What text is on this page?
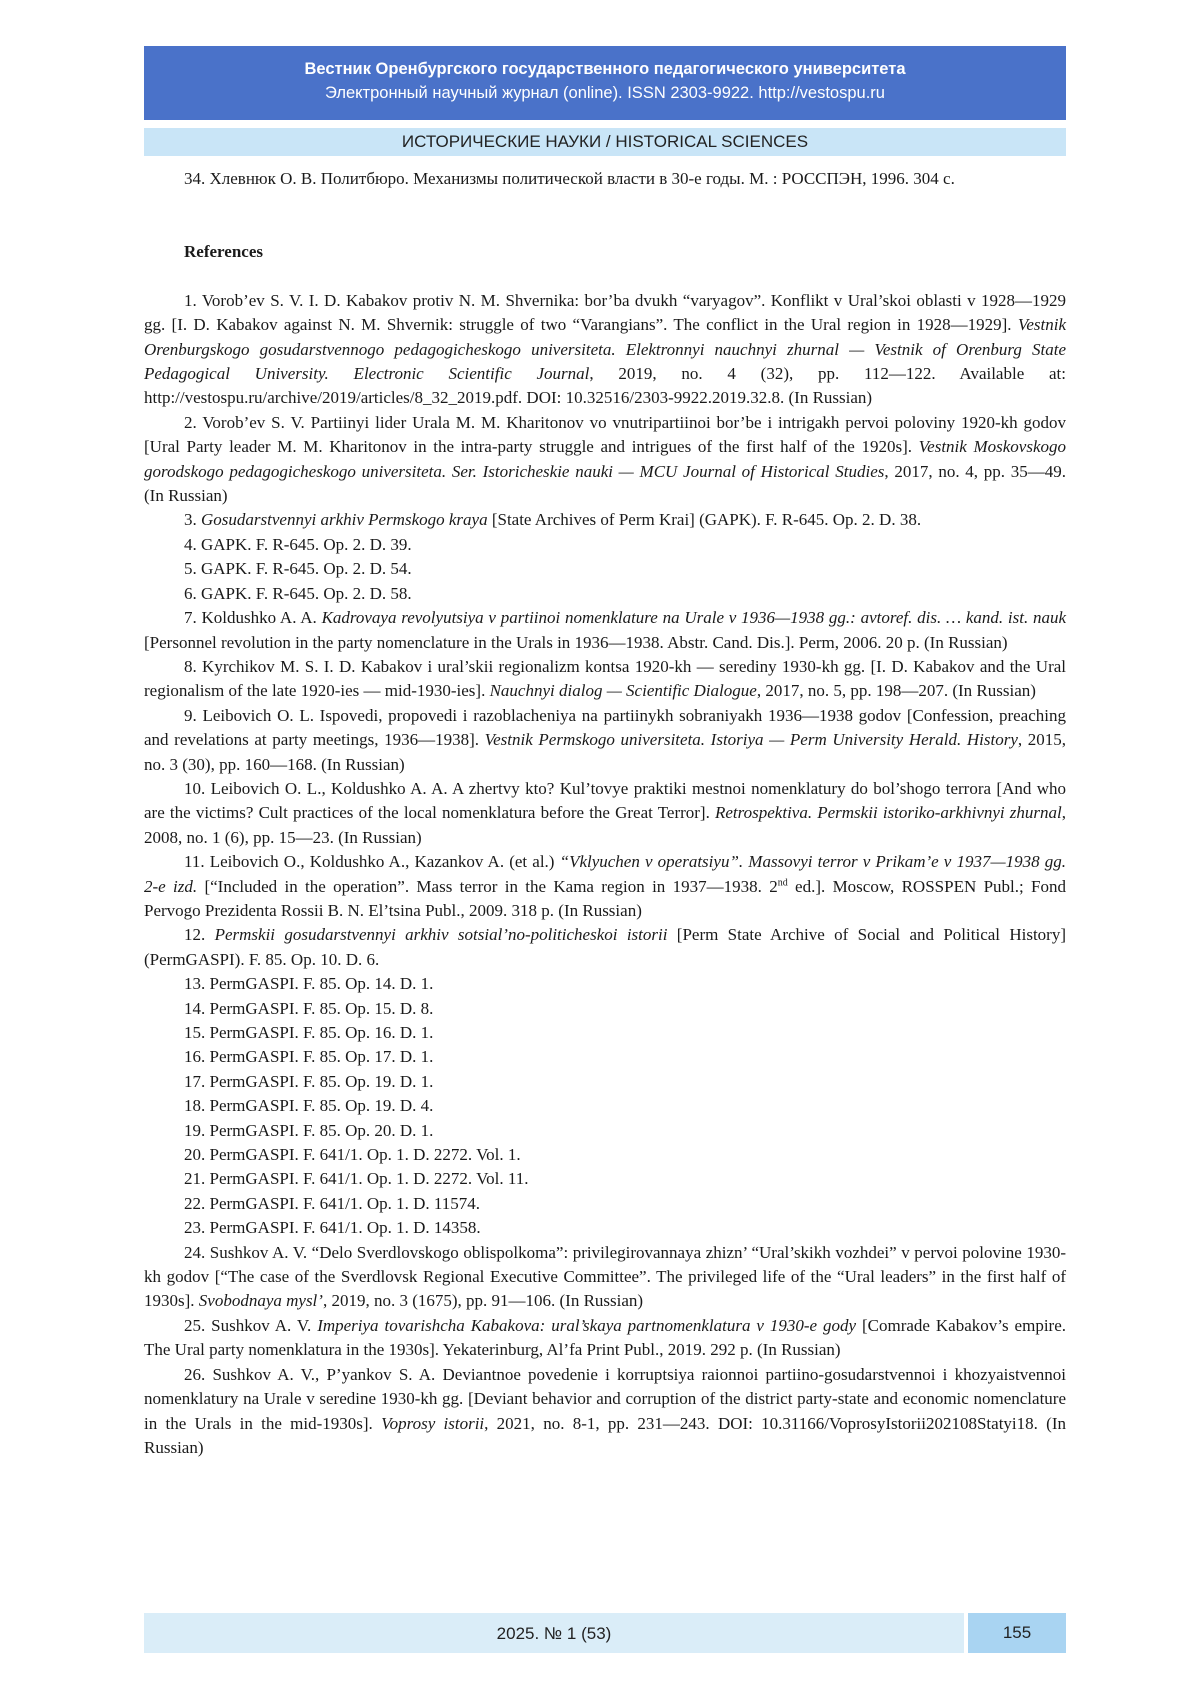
Вестник Оренбургского государственного педагогического университета
Электронный научный журнал (online). ISSN 2303-9922. http://vestospu.ru
ИСТОРИЧЕСКИЕ НАУКИ / HISTORICAL SCIENCES

34. Хлевнюк О. В. Политбюро. Механизмы политической власти в 30-е годы. М. : РОССПЭН, 1996. 304 с.

References

1. Vorob’ev S. V. I. D. Kabakov protiv N. M. Shvernika: bor’ba dvukh “varyagov”. Konflikt v Ural’skoi oblasti v 1928—1929 gg. [I. D. Kabakov against N. M. Shvernik: struggle of two “Varangians”. The conflict in the Ural region in 1928—1929]. Vestnik Orenburgskogo gosudarstvennogo pedagogicheskogo universiteta. Elektronnyi nauchnyi zhurnal — Vestnik of Orenburg State Pedagogical University. Electronic Scientific Journal, 2019, no. 4 (32), pp. 112—122. Available at: http://vestospu.ru/archive/2019/articles/8_32_2019.pdf. DOI: 10.32516/2303-9922.2019.32.8. (In Russian)

2. Vorob’ev S. V. Partiinyi lider Urala M. M. Kharitonov vo vnutripartiinoi bor’be i intrigakh pervoi poloviny 1920-kh godov [Ural Party leader M. M. Kharitonov in the intra-party struggle and intrigues of the first half of the 1920s]. Vestnik Moskovskogo gorodskogo pedagogicheskogo universiteta. Ser. Istoricheskie nauki — MCU Journal of Historical Studies, 2017, no. 4, pp. 35—49. (In Russian)

3. Gosudarstvennyi arkhiv Permskogo kraya [State Archives of Perm Krai] (GAPK). F. R-645. Op. 2. D. 38.

4. GAPK. F. R-645. Op. 2. D. 39.

5. GAPK. F. R-645. Op. 2. D. 54.

6. GAPK. F. R-645. Op. 2. D. 58.

7. Koldushko A. A. Kadrovaya revolyutsiya v partiinoi nomenklature na Urale v 1936—1938 gg.: avtoref. dis. … kand. ist. nauk [Personnel revolution in the party nomenclature in the Urals in 1936—1938. Abstr. Cand. Dis.]. Perm, 2006. 20 p. (In Russian)

8. Kyrchikov M. S. I. D. Kabakov i ural’skii regionalizm kontsa 1920-kh — serediny 1930-kh gg. [I. D. Kabakov and the Ural regionalism of the late 1920-ies — mid-1930-ies]. Nauchnyi dialog — Scientific Dialogue, 2017, no. 5, pp. 198—207. (In Russian)

9. Leibovich O. L. Ispovedi, propovedi i razoblacheniya na partiinykh sobraniyakh 1936—1938 godov [Confession, preaching and revelations at party meetings, 1936—1938]. Vestnik Permskogo universiteta. Istoriya — Perm University Herald. History, 2015, no. 3 (30), pp. 160—168. (In Russian)

10. Leibovich O. L., Koldushko A. A. A zhertvy kto? Kul’tovye praktiki mestnoi nomenklatury do bol’shogo terrora [And who are the victims? Cult practices of the local nomenklatura before the Great Terror]. Retrospektiva. Permskii istoriko-arkhivnyi zhurnal, 2008, no. 1 (6), pp. 15—23. (In Russian)

11. Leibovich O., Koldushko A., Kazankov A. (et al.) “Vklyuchen v operatsiyu”. Massovyi terror v Prikam’e v 1937—1938 gg. 2-e izd. [“Included in the operation”. Mass terror in the Kama region in 1937—1938. 2nd ed.]. Moscow, ROSSPEN Publ.; Fond Pervogo Prezidenta Rossii B. N. El’tsina Publ., 2009. 318 p. (In Russian)

12. Permskii gosudarstvennyi arkhiv sotsial’no-politicheskoi istorii [Perm State Archive of Social and Political History] (PermGASPI). F. 85. Op. 10. D. 6.

13. PermGASPI. F. 85. Op. 14. D. 1.

14. PermGASPI. F. 85. Op. 15. D. 8.

15. PermGASPI. F. 85. Op. 16. D. 1.

16. PermGASPI. F. 85. Op. 17. D. 1.

17. PermGASPI. F. 85. Op. 19. D. 1.

18. PermGASPI. F. 85. Op. 19. D. 4.

19. PermGASPI. F. 85. Op. 20. D. 1.

20. PermGASPI. F. 641/1. Op. 1. D. 2272. Vol. 1.

21. PermGASPI. F. 641/1. Op. 1. D. 2272. Vol. 11.

22. PermGASPI. F. 641/1. Op. 1. D. 11574.

23. PermGASPI. F. 641/1. Op. 1. D. 14358.

24. Sushkov A. V. “Delo Sverdlovskogo oblispolkoma”: privilegirovannaya zhizn’ “Ural’skikh vozhdei” v pervoi polovine 1930-kh godov [“The case of the Sverdlovsk Regional Executive Committee”. The privileged life of the “Ural leaders” in the first half of 1930s]. Svobodnaya mysl’, 2019, no. 3 (1675), pp. 91—106. (In Russian)

25. Sushkov A. V. Imperiya tovarishcha Kabakova: ural’skaya partnomenklatura v 1930-e gody [Comrade Kabakov’s empire. The Ural party nomenklatura in the 1930s]. Yekaterinburg, Al’fa Print Publ., 2019. 292 p. (In Russian)

26. Sushkov A. V., P’yankov S. A. Deviantnoe povedenie i korruptsiya raionnoi partiino-gosudarstvennoi i khozyaistvennoi nomenklatury na Urale v seredine 1930-kh gg. [Deviant behavior and corruption of the district party-state and economic nomenclature in the Urals in the mid-1930s]. Voprosy istorii, 2021, no. 8-1, pp. 231—243. DOI: 10.31166/VoprosyIstorii202108Statyi18. (In Russian)

2025. № 1 (53)	155
